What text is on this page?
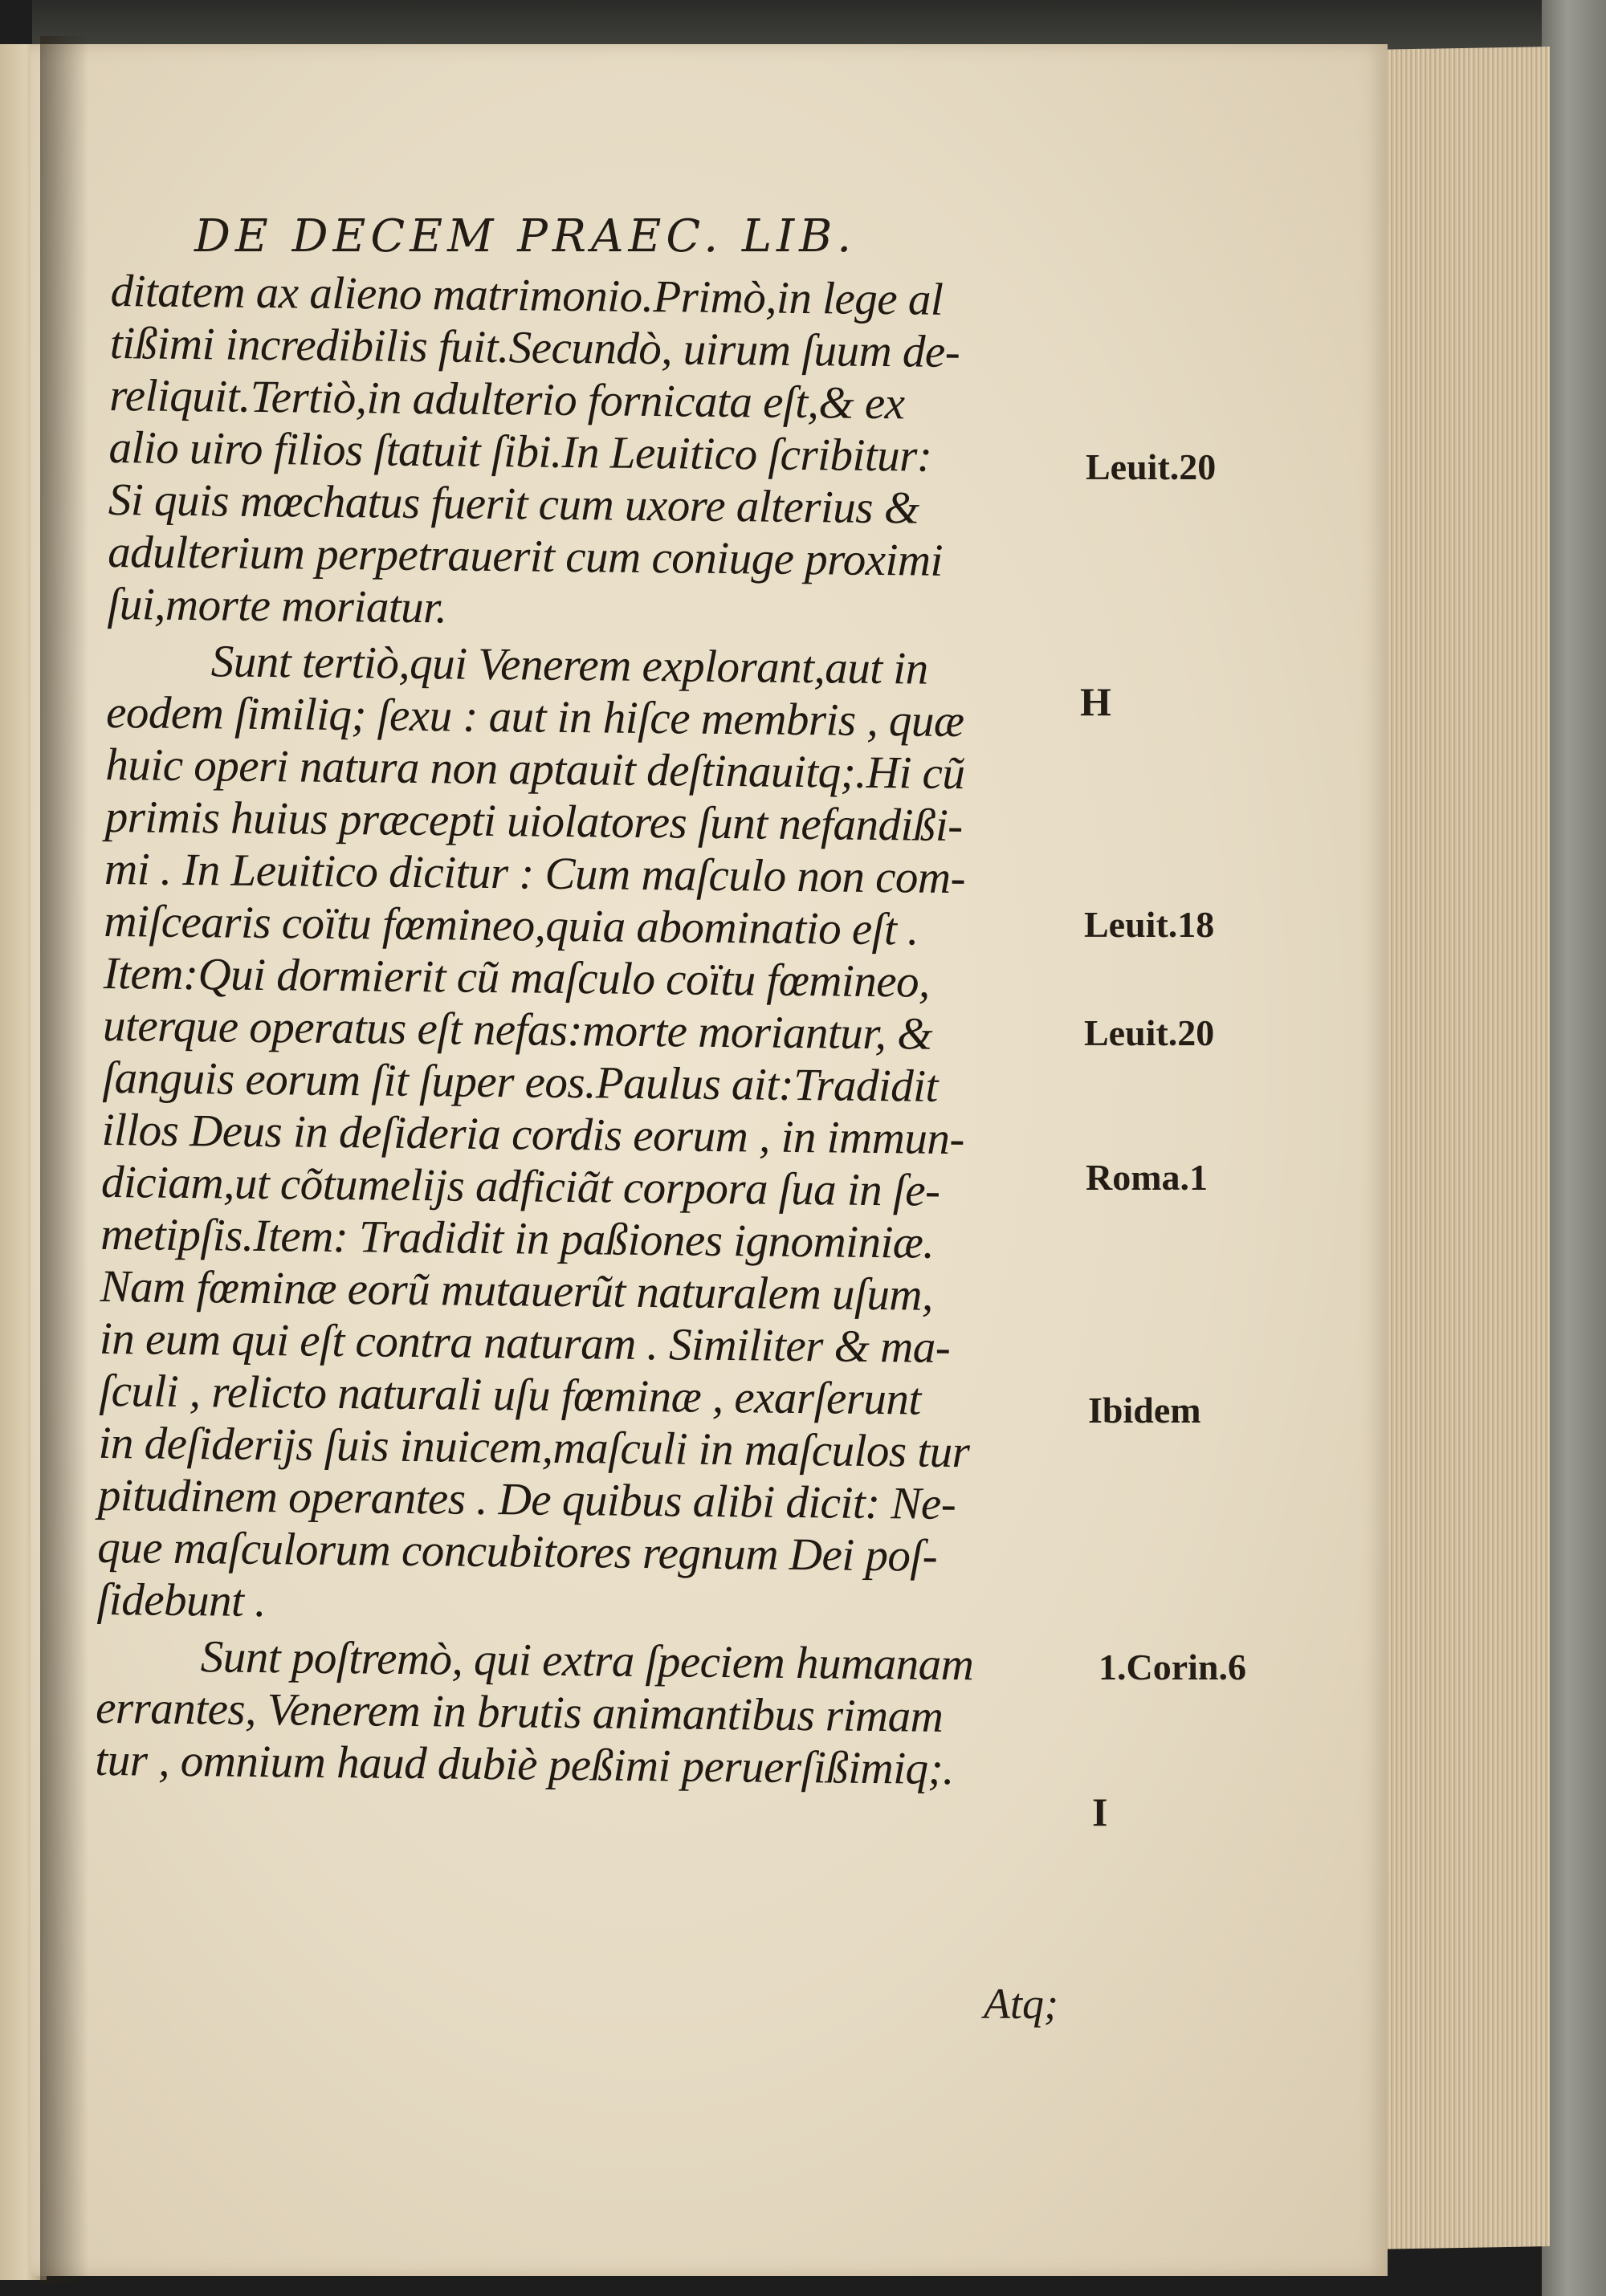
DE DECEM PRAEC. LIB.
ditatem ax alieno matrimonio.Primò,in lege al
tißimi incredibilis fuit.Secundò, uirum ſuum de-
reliquit.Tertiò,in adulterio fornicata eſt,& ex
alio uiro filios ſtatuit ſibi.In Leuitico ſcribitur:
Si quis mœchatus fuerit cum uxore alterius &
adulterium perpetrauerit cum coniuge proximi
ſui,morte moriatur.
Sunt tertiò,qui Venerem explorant,aut in
eodem ſimiliq; ſexu : aut in hiſce membris , quæ
huic operi natura non aptauit deſtinauitq;.Hi cũ
primis huius præcepti uiolatores ſunt nefandißi-
mi . In Leuitico dicitur : Cum maſculo non com-
miſcearis coïtu fœmineo,quia abominatio eſt .
Item:Qui dormierit cũ maſculo coïtu fœmineo,
uterque operatus eſt nefas:morte moriantur, &
ſanguis eorum ſit ſuper eos.Paulus ait:Tradidit
illos Deus in deſideria cordis eorum , in immun-
diciam,ut cõtumelijs adficiãt corpora ſua in ſe-
metipſis.Item: Tradidit in paßiones ignominiæ.
Nam fœminæ eorũ mutauerũt naturalem uſum,
in eum qui eſt contra naturam . Similiter & ma-
ſculi , relicto naturali uſu fœminæ , exarſerunt
in deſiderijs ſuis inuicem,maſculi in maſculos tur
pitudinem operantes . De quibus alibi dicit: Ne-
que maſculorum concubitores regnum Dei poſ-
ſidebunt .
Sunt poſtremò, qui extra ſpeciem humanam
errantes, Venerem in brutis animantibus rimam
tur , omnium haud dubiè peßimi peruerſißimiq;.
Leuit.20
H
Leuit.18
Leuit.20
Roma.1
Ibidem
1.Corin.6
I
Atq;
